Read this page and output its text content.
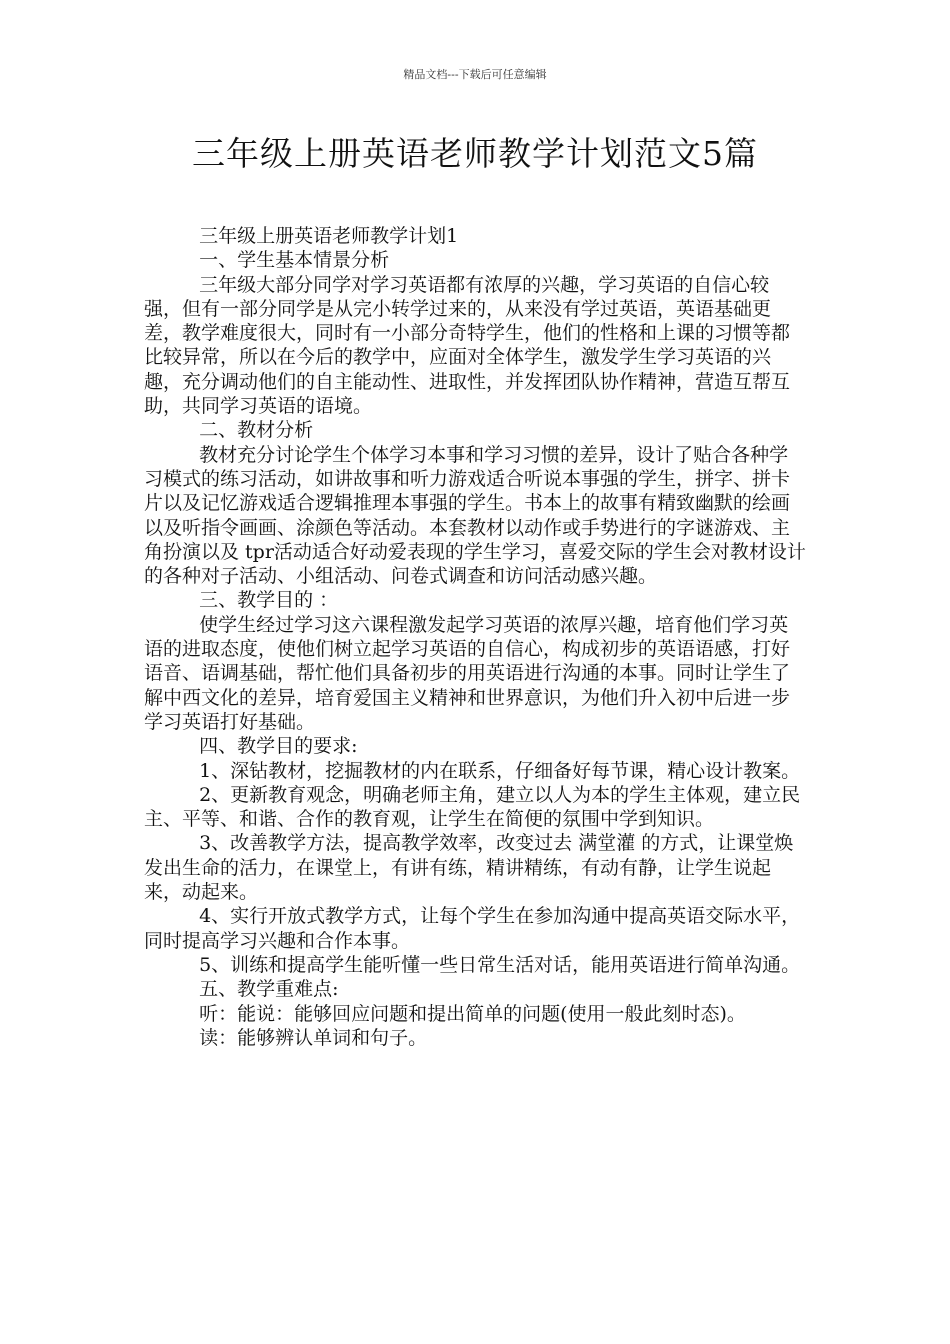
精品文档---下载后可任意编辑
三年级上册英语老师教学计划范文5篇

三年级上册英语老师教学计划1

一、学生基本情景分析

三年级大部分同学对学习英语都有浓厚的兴趣，学习英语的自信心较强，但有一部分同学是从完小转学过来的，从来没有学过英语，英语基础更差，教学难度很大，同时有一小部分奇特学生，他们的性格和上课的习惯等都比较异常，所以在今后的教学中，应面对全体学生，激发学生学习英语的兴趣，充分调动他们的自主能动性、进取性，并发挥团队协作精神，营造互帮互助，共同学习英语的语境。

二、教材分析

教材充分讨论学生个体学习本事和学习习惯的差异，设计了贴合各种学习模式的练习活动，如讲故事和听力游戏适合听说本事强的学生，拼字、拼卡片以及记忆游戏适合逻辑推理本事强的学生。书本上的故事有精致幽默的绘画以及听指令画画、涂颜色等活动。本套教材以动作或手势进行的字谜游戏、主角扮演以及 tpr活动适合好动爱表现的学生学习，喜爱交际的学生会对教材设计的各种对子活动、小组活动、问卷式调查和访问活动感兴趣。

三、教学目的 ：

使学生经过学习这六课程激发起学习英语的浓厚兴趣，培育他们学习英语的进取态度，使他们树立起学习英语的自信心，构成初步的英语语感，打好语音、语调基础，帮忙他们具备初步的用英语进行沟通的本事。同时让学生了解中西文化的差异，培育爱国主义精神和世界意识，为他们升入初中后进一步学习英语打好基础。

四、教学目的要求:

1、深钻教材，挖掘教材的内在联系，仔细备好每节课，精心设计教案。

2、更新教育观念，明确老师主角，建立以人为本的学生主体观，建立民主、平等、和谐、合作的教育观，让学生在简便的氛围中学到知识。

3、改善教学方法，提高教学效率，改变过去 满堂灌 的方式，让课堂焕发出生命的活力，在课堂上，有讲有练，精讲精练，有动有静，让学生说起来，动起来。

4、实行开放式教学方式，让每个学生在参加沟通中提高英语交际水平，同时提高学习兴趣和合作本事。

5、训练和提高学生能听懂一些日常生活对话，能用英语进行简单沟通。

五、教学重难点:

听：能说：能够回应问题和提出简单的问题(使用一般此刻时态)。

读：能够辨认单词和句子。
